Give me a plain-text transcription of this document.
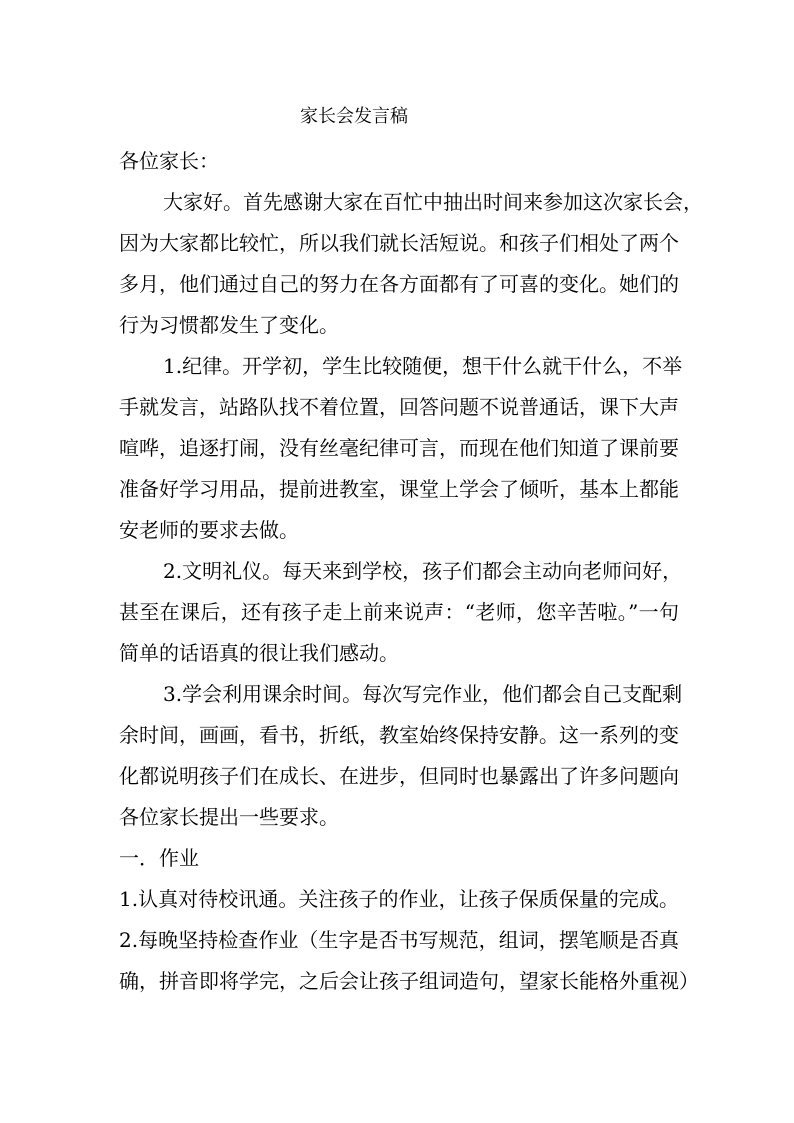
家长会发言稿
各位家长：
大家好。首先感谢大家在百忙中抽出时间来参加这次家长会，
因为大家都比较忙，所以我们就长活短说。和孩子们相处了两个
多月，他们通过自己的努力在各方面都有了可喜的变化。她们的
行为习惯都发生了变化。
1.纪律。开学初，学生比较随便，想干什么就干什么，不举
手就发言，站路队找不着位置，回答问题不说普通话，课下大声
喧哗，追逐打闹，没有丝毫纪律可言，而现在他们知道了课前要
准备好学习用品，提前进教室，课堂上学会了倾听，基本上都能
安老师的要求去做。
2.文明礼仪。每天来到学校，孩子们都会主动向老师问好，
甚至在课后，还有孩子走上前来说声：“老师，您辛苦啦。”一句
简单的话语真的很让我们感动。
3.学会利用课余时间。每次写完作业，他们都会自己支配剩
余时间，画画，看书，折纸，教室始终保持安静。这一系列的变
化都说明孩子们在成长、在进步，但同时也暴露出了许多问题向
各位家长提出一些要求。
一．作业
1.认真对待校讯通。关注孩子的作业，让孩子保质保量的完成。
2.每晚坚持检查作业（生字是否书写规范，组词，摆笔顺是否真
确，拼音即将学完，之后会让孩子组词造句，望家长能格外重视）
